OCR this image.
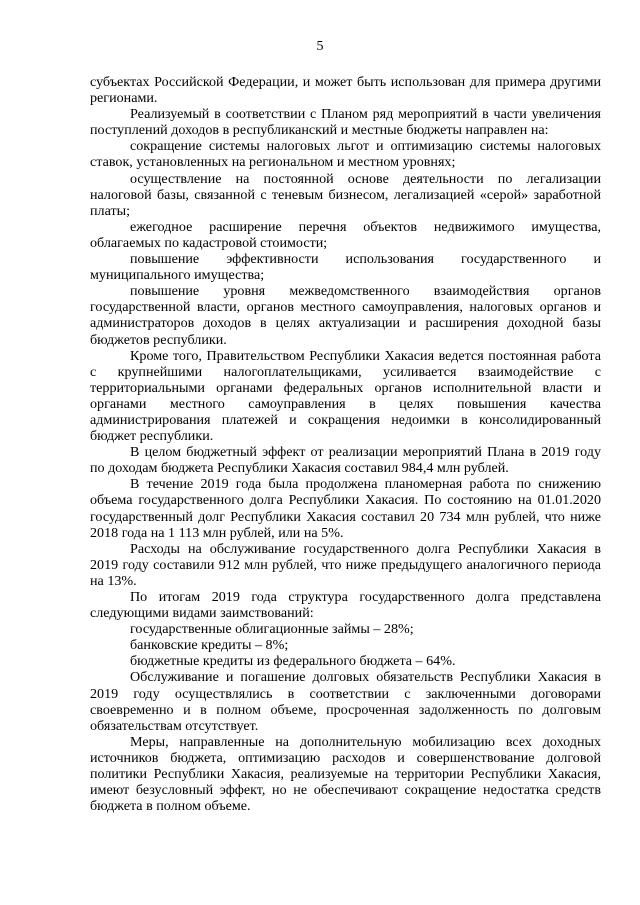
5

субъектах Российской Федерации, и может быть использован для примера другими регионами.

Реализуемый в соответствии с Планом ряд мероприятий в части увеличения поступлений доходов в республиканский и местные бюджеты направлен на:

сокращение системы налоговых льгот и оптимизацию системы налоговых ставок, установленных на региональном и местном уровнях;

осуществление на постоянной основе деятельности по легализации налоговой базы, связанной с теневым бизнесом, легализацией «серой» заработной платы;

ежегодное расширение перечня объектов недвижимого имущества, облагаемых по кадастровой стоимости;

повышение эффективности использования государственного и муниципального имущества;

повышение уровня межведомственного взаимодействия органов государственной власти, органов местного самоуправления, налоговых органов и администраторов доходов в целях актуализации и расширения доходной базы бюджетов республики.

Кроме того, Правительством Республики Хакасия ведется постоянная работа с крупнейшими налогоплательщиками, усиливается взаимодействие с территориальными органами федеральных органов исполнительной власти и органами местного самоуправления в целях повышения качества администрирования платежей и сокращения недоимки в консолидированный бюджет республики.

В целом бюджетный эффект от реализации мероприятий Плана в 2019 году по доходам бюджета Республики Хакасия составил 984,4 млн рублей.

В течение 2019 года была продолжена планомерная работа по снижению объема государственного долга Республики Хакасия. По состоянию на 01.01.2020 государственный долг Республики Хакасия составил 20 734 млн рублей, что ниже 2018 года на 1 113 млн рублей, или на 5%.

Расходы на обслуживание государственного долга Республики Хакасия в 2019 году составили 912 млн рублей, что ниже предыдущего аналогичного периода на 13%.

По итогам 2019 года структура государственного долга представлена следующими видами заимствований:

государственные облигационные займы – 28%;

банковские кредиты – 8%;

бюджетные кредиты из федерального бюджета – 64%.

Обслуживание и погашение долговых обязательств Республики Хакасия в 2019 году осуществлялись в соответствии с заключенными договорами своевременно и в полном объеме, просроченная задолженность по долговым обязательствам отсутствует.

Меры, направленные на дополнительную мобилизацию всех доходных источников бюджета, оптимизацию расходов и совершенствование долговой политики Республики Хакасия, реализуемые на территории Республики Хакасия, имеют безусловный эффект, но не обеспечивают сокращение недостатка средств бюджета в полном объеме.
